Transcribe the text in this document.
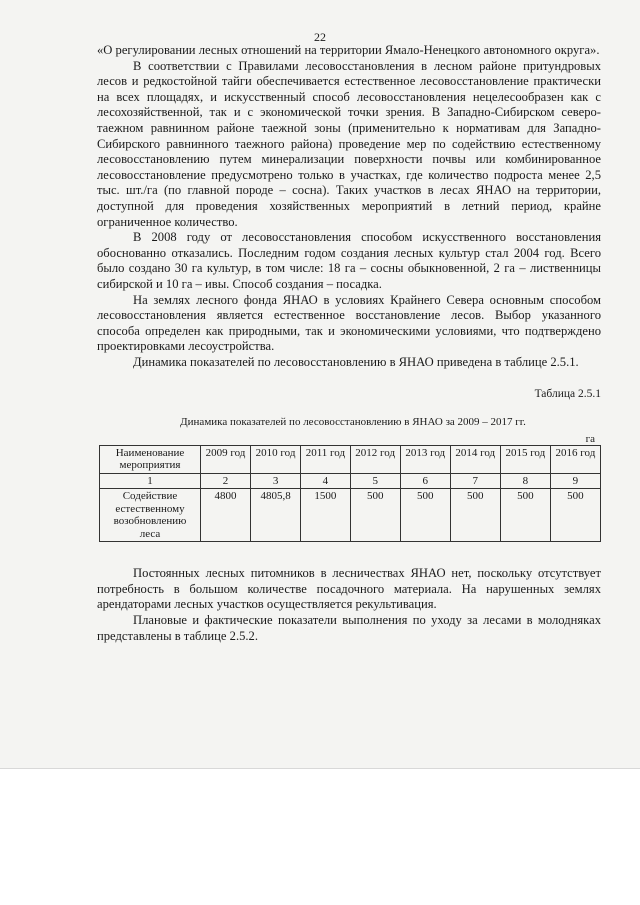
22

«О регулировании лесных отношений на территории Ямало-Ненецкого автономного округа».

В соответствии с Правилами лесовосстановления в лесном районе притундровых лесов и редкостойной тайги обеспечивается естественное лесовосстановление практически на всех площадях, и искусственный способ лесовосстановления нецелесообразен как с лесохозяйственной, так и с экономической точки зрения. В Западно-Сибирском северо-таежном равнинном районе таежной зоны (применительно к нормативам для Западно-Сибирского равнинного таежного района) проведение мер по содействию естественному лесовосстановлению путем минерализации поверхности почвы или комбинированное лесовосстановление предусмотрено только в участках, где количество подроста менее 2,5 тыс. шт./га (по главной породе – сосна). Таких участков в лесах ЯНАО на территории, доступной для проведения хозяйственных мероприятий в летний период, крайне ограниченное количество.

В 2008 году от лесовосстановления способом искусственного восстановления обоснованно отказались. Последним годом создания лесных культур стал 2004 год. Всего было создано 30 га культур, в том числе: 18 га – сосны обыкновенной, 2 га – лиственницы сибирской и 10 га – ивы. Способ создания – посадка.

На землях лесного фонда ЯНАО в условиях Крайнего Севера основным способом лесовосстановления является естественное восстановление лесов. Выбор указанного способа определен как природными, так и экономическими условиями, что подтверждено проектировками лесоустройства.

Динамика показателей по лесовосстановлению в ЯНАО приведена в таблице 2.5.1.

Таблица 2.5.1

Динамика показателей по лесовосстановлению в ЯНАО за 2009 – 2017 гг.

га

Наименование мероприятия	2009 год	2010 год	2011 год	2012 год	2013 год	2014 год	2015 год	2016 год
1	2	3	4	5	6	7	8	9
Содействие естественному возобновлению леса	4800	4805,8	1500	500	500	500	500	500

Постоянных лесных питомников в лесничествах ЯНАО нет, поскольку отсутствует потребность в большом количестве посадочного материала. На нарушенных землях арендаторами лесных участков осуществляется рекультивация.

Плановые и фактические показатели выполнения по уходу за лесами в молодняках представлены в таблице 2.5.2.
